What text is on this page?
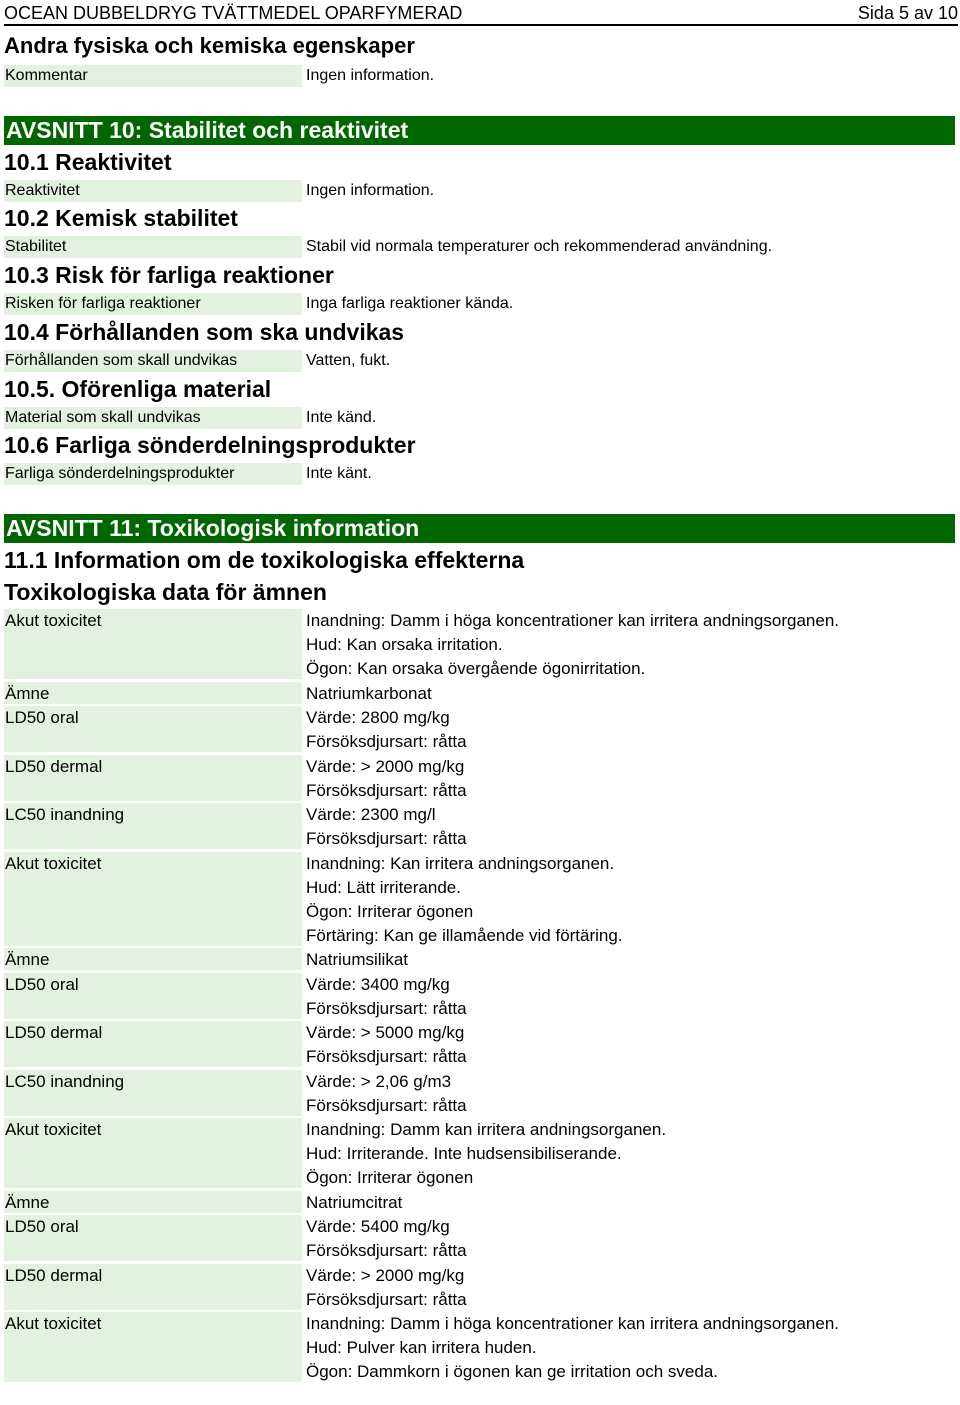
OCEAN DUBBELDRYG TVÄTTMEDEL OPARFYMERAD	Sida 5 av 10
Andra fysiska och kemiska egenskaper
Kommentar	Ingen information.
AVSNITT 10: Stabilitet och reaktivitet
10.1 Reaktivitet
Reaktivitet	Ingen information.
10.2 Kemisk stabilitet
Stabilitet	Stabil vid normala temperaturer och rekommenderad användning.
10.3 Risk för farliga reaktioner
Risken för farliga reaktioner	Inga farliga reaktioner kända.
10.4 Förhållanden som ska undvikas
Förhållanden som skall undvikas	Vatten, fukt.
10.5. Oförenliga material
Material som skall undvikas	Inte känd.
10.6 Farliga sönderdelningsprodukter
Farliga sönderdelningsprodukter	Inte känt.
AVSNITT 11: Toxikologisk information
11.1 Information om de toxikologiska effekterna
Toxikologiska data för ämnen
Akut toxicitet	Inandning: Damm i höga koncentrationer kan irritera andningsorganen.
Hud: Kan orsaka irritation.
Ögon: Kan orsaka övergående ögonirritation.
Ämne	Natriumkarbonat
LD50 oral	Värde: 2800 mg/kg
Försöksdjursart: råtta
LD50 dermal	Värde: > 2000 mg/kg
Försöksdjursart: råtta
LC50 inandning	Värde: 2300 mg/l
Försöksdjursart: råtta
Akut toxicitet	Inandning: Kan irritera andningsorganen.
Hud: Lätt irriterande.
Ögon: Irriterar ögonen
Förtäring: Kan ge illamående vid förtäring.
Ämne	Natriumsilikat
LD50 oral	Värde: 3400 mg/kg
Försöksdjursart: råtta
LD50 dermal	Värde: > 5000 mg/kg
Försöksdjursart: råtta
LC50 inandning	Värde: > 2,06 g/m3
Försöksdjursart: råtta
Akut toxicitet	Inandning: Damm kan irritera andningsorganen.
Hud: Irriterande. Inte hudsensibiliserande.
Ögon: Irriterar ögonen
Ämne	Natriumcitrat
LD50 oral	Värde: 5400 mg/kg
Försöksdjursart: råtta
LD50 dermal	Värde: > 2000 mg/kg
Försöksdjursart: råtta
Akut toxicitet	Inandning: Damm i höga koncentrationer kan irritera andningsorganen.
Hud: Pulver kan irritera huden.
Ögon: Dammkorn i ögonen kan ge irritation och sveda.
